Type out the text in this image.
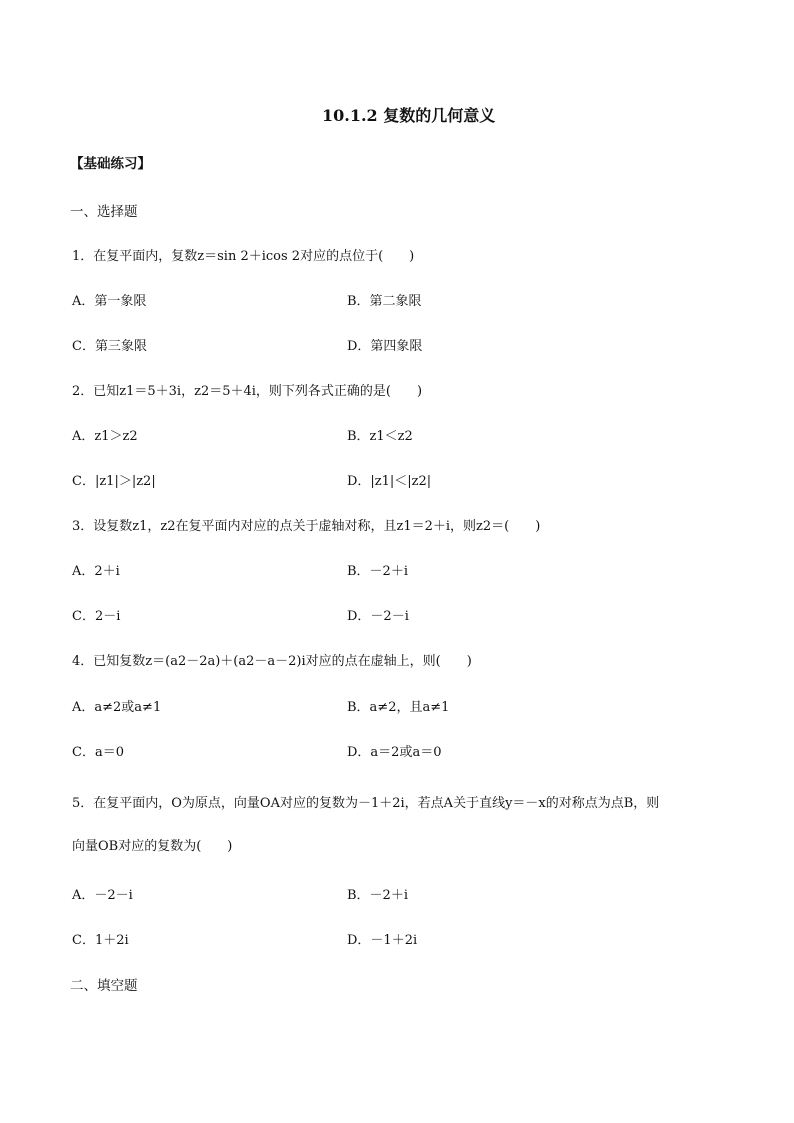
10.1.2 复数的几何意义
【基础练习】
一、选择题
1．在复平面内，复数z＝sin 2＋icos 2对应的点位于(　　)
A．第一象限	B．第二象限
C．第三象限	D．第四象限
2．已知z1＝5＋3i，z2＝5＋4i，则下列各式正确的是(　　)
A．z1＞z2	B．z1＜z2
C．|z1|＞|z2|	D．|z1|＜|z2|
3．设复数z1，z2在复平面内对应的点关于虚轴对称，且z1＝2＋i，则z2＝(　　)
A．2＋i	B．－2＋i
C．2－i	D．－2－i
4．已知复数z＝(a2－2a)＋(a2－a－2)i对应的点在虚轴上，则(　　)
A．a≠2或a≠1	B．a≠2，且a≠1
C．a＝0	D．a＝2或a＝0
5．在复平面内，O为原点，向量OA对应的复数为－1＋2i，若点A关于直线y＝－x的对称点为点B，则
向量OB对应的复数为(　　)
A．－2－i	B．－2＋i
C．1＋2i	D．－1＋2i
二、填空题
